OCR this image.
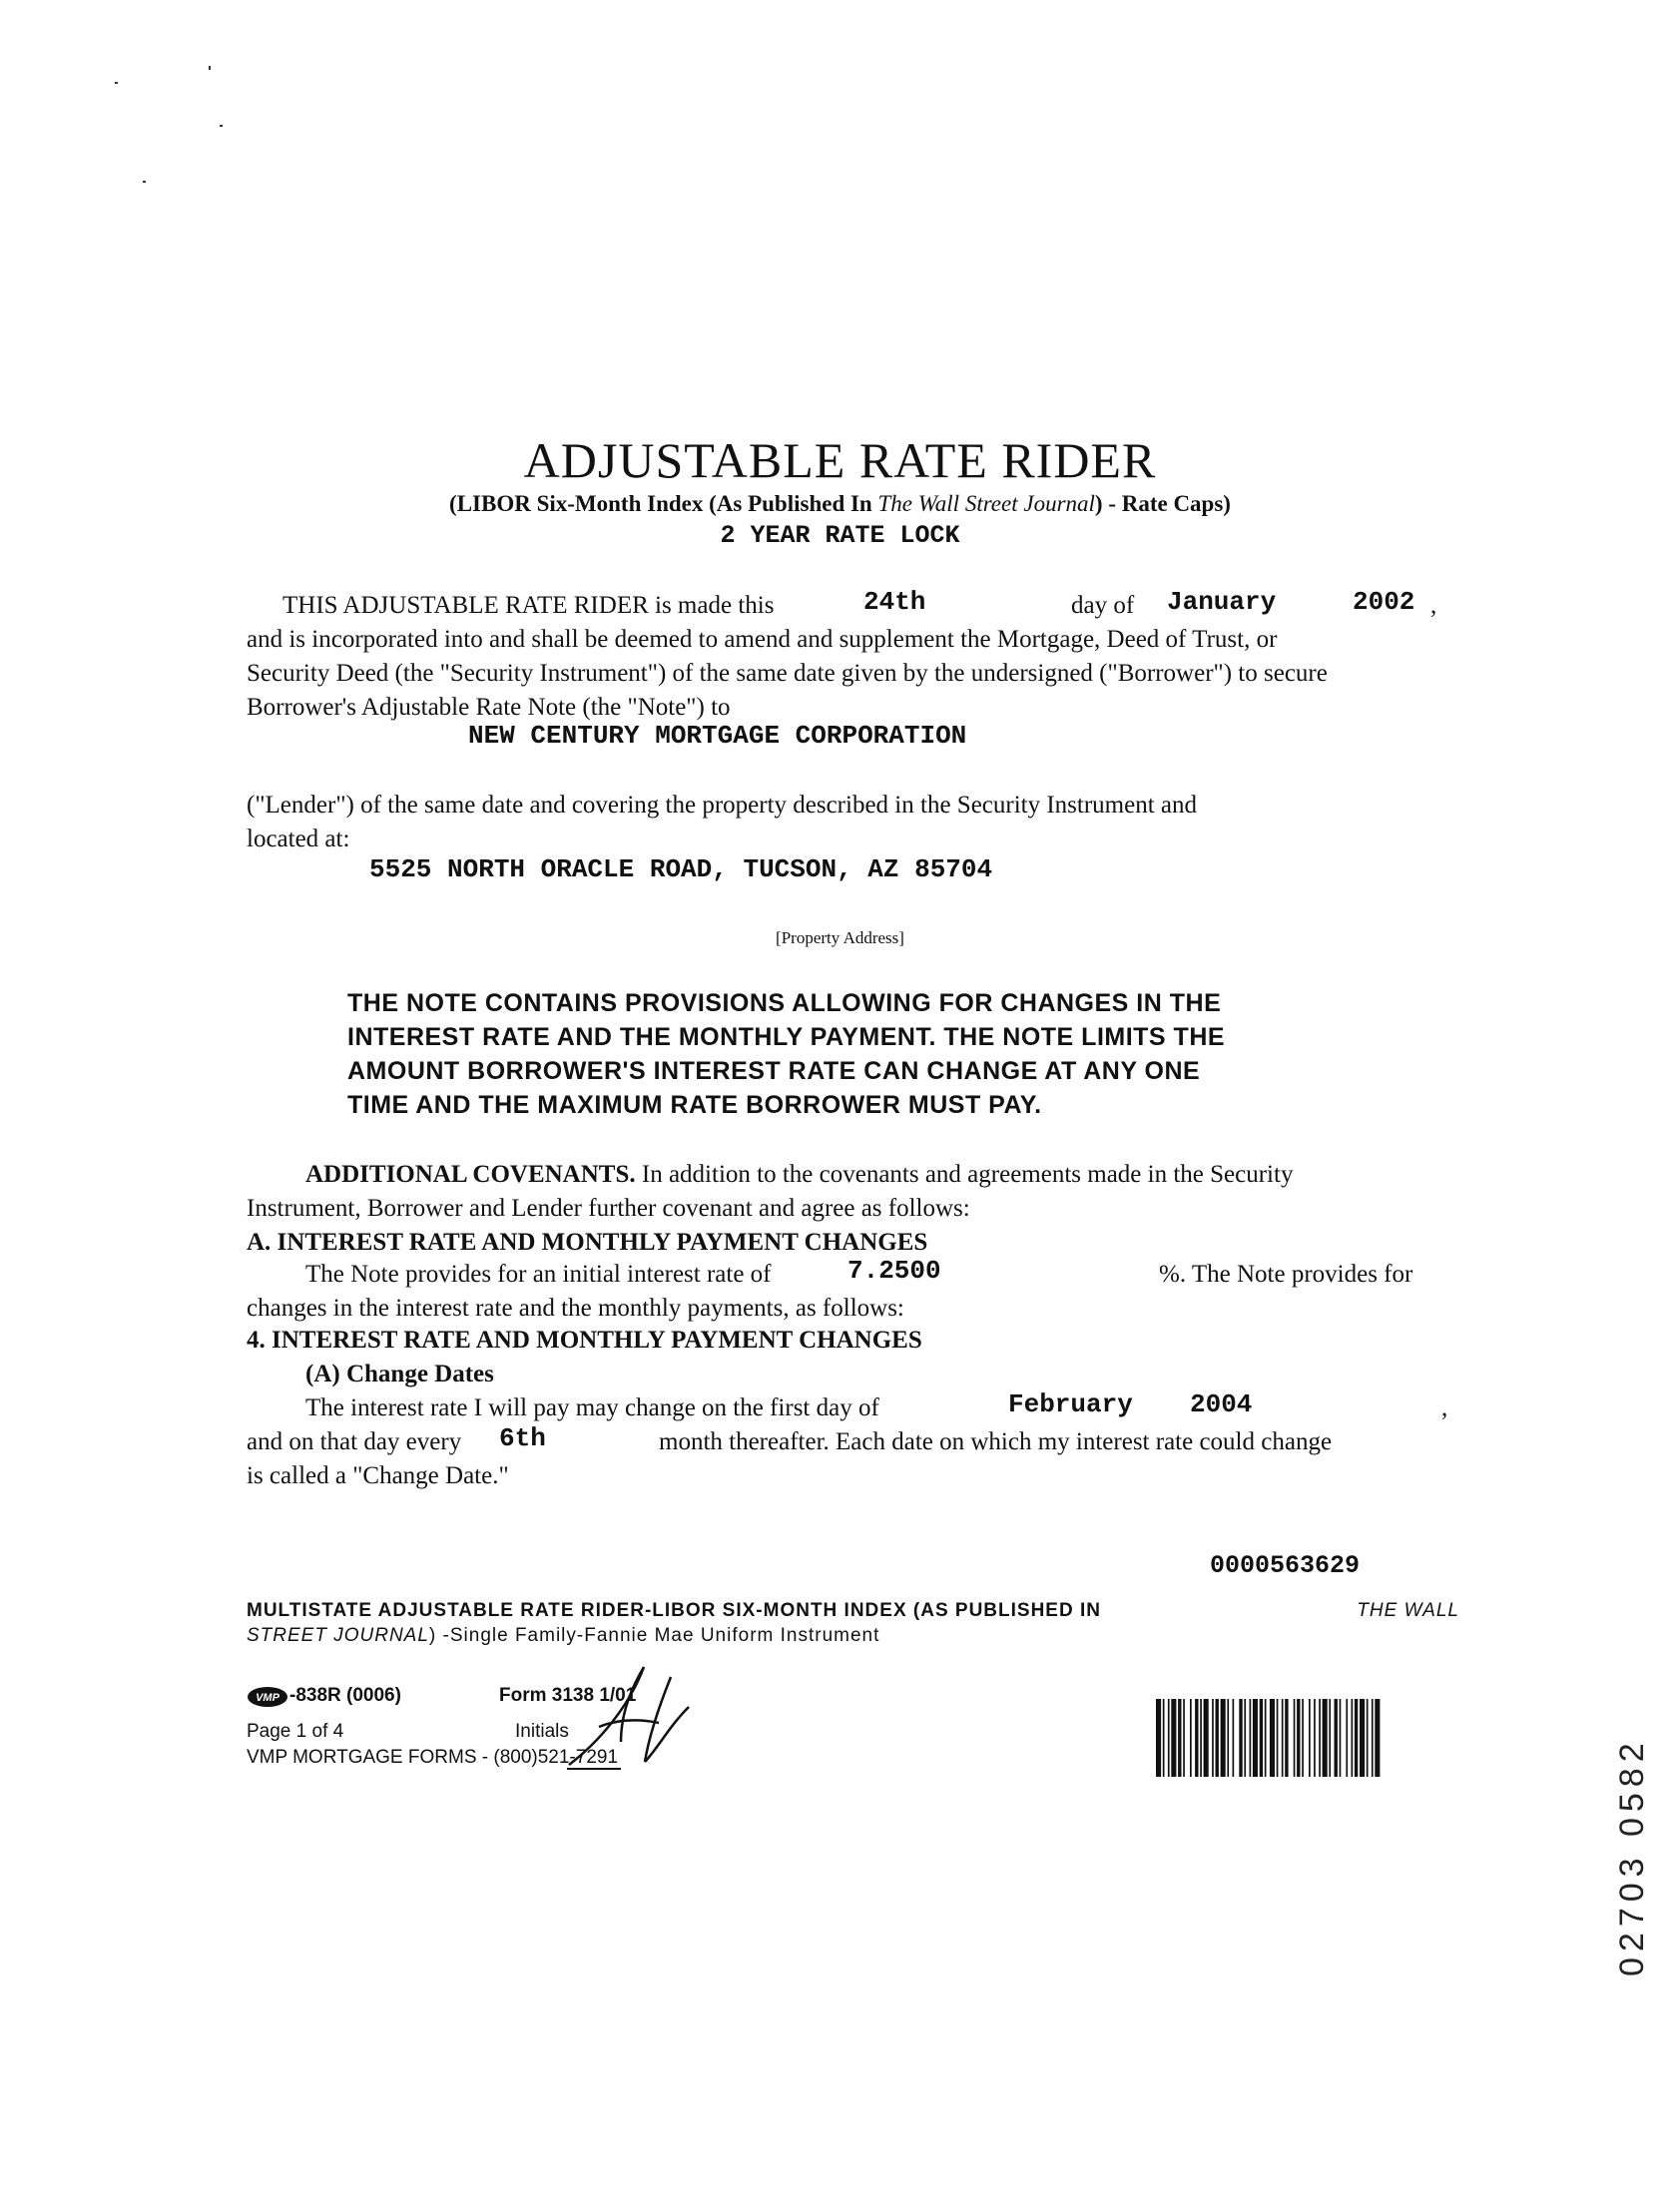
ADJUSTABLE RATE RIDER
(LIBOR Six-Month Index (As Published In The Wall Street Journal) - Rate Caps)
2 YEAR RATE LOCK
THIS ADJUSTABLE RATE RIDER is made this	24th	day of January	2002 ,
and is incorporated into and shall be deemed to amend and supplement the Mortgage, Deed of Trust, or
Security Deed (the "Security Instrument") of the same date given by the undersigned ("Borrower") to secure
Borrower's Adjustable Rate Note (the "Note") to
NEW CENTURY MORTGAGE CORPORATION
("Lender") of the same date and covering the property described in the Security Instrument and
located at:
5525 NORTH ORACLE ROAD, TUCSON, AZ 85704
[Property Address]
THE NOTE CONTAINS PROVISIONS ALLOWING FOR CHANGES IN THE
INTEREST RATE AND THE MONTHLY PAYMENT. THE NOTE LIMITS THE
AMOUNT BORROWER'S INTEREST RATE CAN CHANGE AT ANY ONE
TIME AND THE MAXIMUM RATE BORROWER MUST PAY.
ADDITIONAL COVENANTS. In addition to the covenants and agreements made in the Security
Instrument, Borrower and Lender further covenant and agree as follows:
A. INTEREST RATE AND MONTHLY PAYMENT CHANGES
The Note provides for an initial interest rate of	7.2500	%. The Note provides for
changes in the interest rate and the monthly payments, as follows:
4. INTEREST RATE AND MONTHLY PAYMENT CHANGES
(A) Change Dates
The interest rate I will pay may change on the first day of	February 2004	,
and on that day every 6th	month thereafter. Each date on which my interest rate could change
is called a "Change Date."
0000563629
MULTISTATE ADJUSTABLE RATE RIDER-LIBOR SIX-MONTH INDEX (AS PUBLISHED IN	THE WALL
STREET JOURNAL) -Single Family-Fannie Mae Uniform Instrument
VMP -838R (0006)	Form 3138 1/01
Page 1 of 4	Initials
VMP MORTGAGE FORMS - (800)521-7291	02703 0582
